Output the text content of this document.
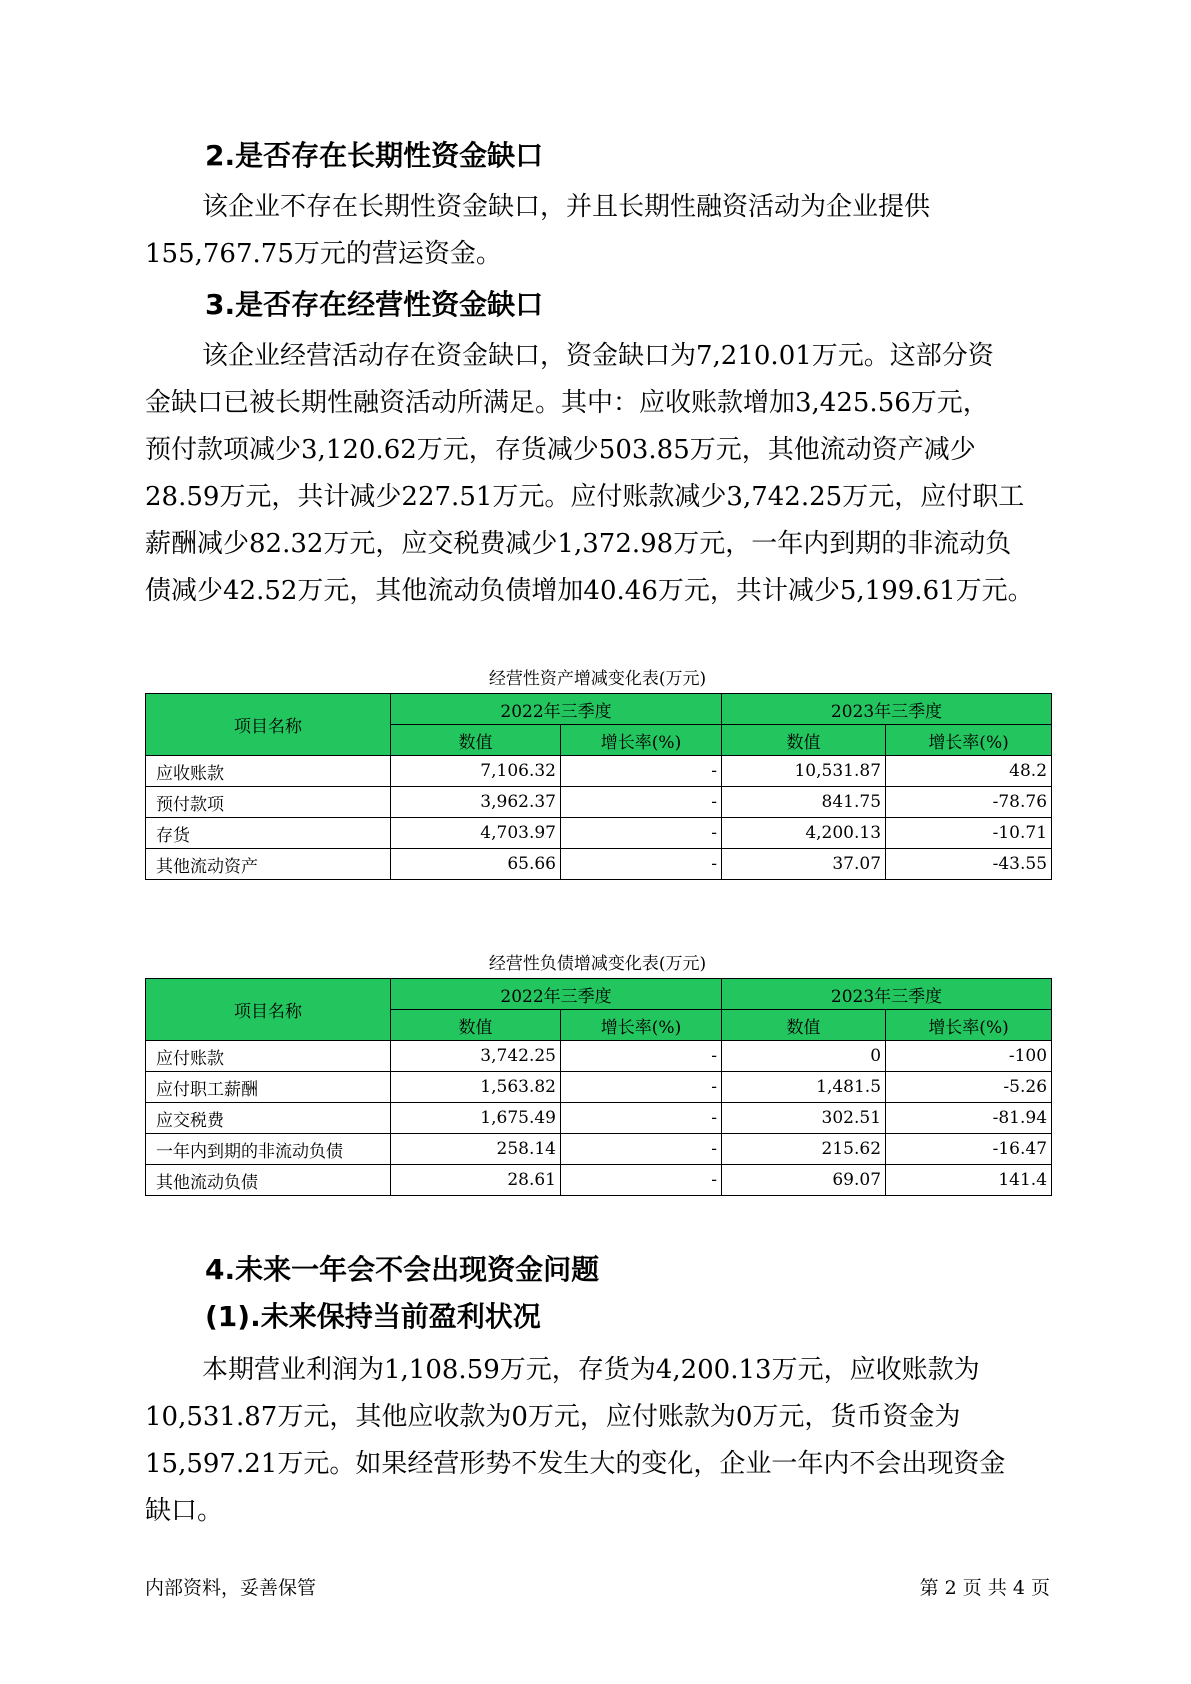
2.是否存在长期性资金缺口
该企业不存在长期性资金缺口，并且长期性融资活动为企业提供
155,767.75万元的营运资金。
3.是否存在经营性资金缺口
该企业经营活动存在资金缺口，资金缺口为7,210.01万元。这部分资
金缺口已被长期性融资活动所满足。其中：应收账款增加3,425.56万元，
预付款项减少3,120.62万元，存货减少503.85万元，其他流动资产减少
28.59万元，共计减少227.51万元。应付账款减少3,742.25万元，应付职工
薪酬减少82.32万元，应交税费减少1,372.98万元，一年内到期的非流动负
债减少42.52万元，其他流动负债增加40.46万元，共计减少5,199.61万元。
经营性资产增减变化表(万元)
项目名称	2022年三季度		2023年三季度	
	数值	增长率(%)	数值	增长率(%)
应收账款	7,106.32	-	10,531.87	48.2
预付款项	3,962.37	-	841.75	-78.76
存货	4,703.97	-	4,200.13	-10.71
其他流动资产	65.66	-	37.07	-43.55
经营性负债增减变化表(万元)
项目名称	2022年三季度		2023年三季度	
	数值	增长率(%)	数值	增长率(%)
应付账款	3,742.25	-	0	-100
应付职工薪酬	1,563.82	-	1,481.5	-5.26
应交税费	1,675.49	-	302.51	-81.94
一年内到期的非流动负债	258.14	-	215.62	-16.47
其他流动负债	28.61	-	69.07	141.4
4.未来一年会不会出现资金问题
(1).未来保持当前盈利状况
本期营业利润为1,108.59万元，存货为4,200.13万元，应收账款为
10,531.87万元，其他应收款为0万元，应付账款为0万元，货币资金为
15,597.21万元。如果经营形势不发生大的变化，企业一年内不会出现资金
缺口。
内部资料，妥善保管	第 2 页 共 4 页
